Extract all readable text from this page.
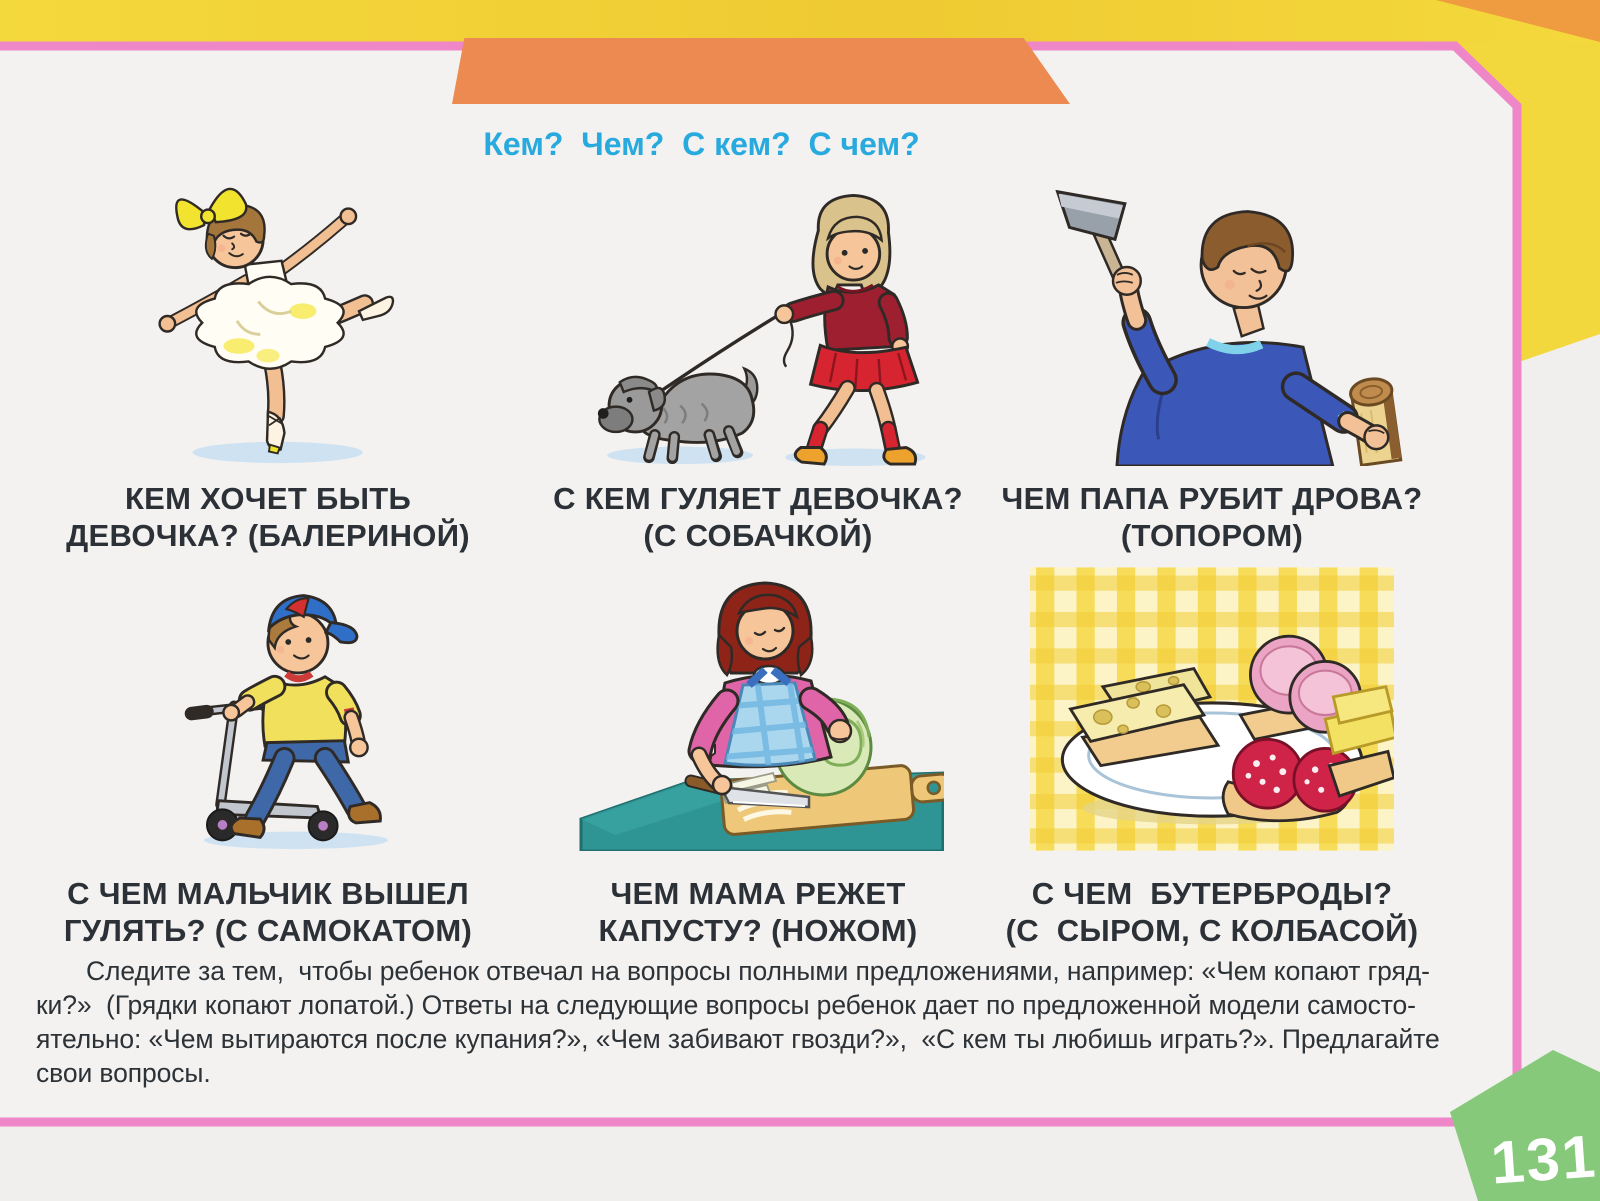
131

Кем?  Чем?  С кем?  С чем?
КЕМ ХОЧЕТ БЫТЬ
ДЕВОЧКА? (БАЛЕРИНОЙ)
С КЕМ ГУЛЯЕТ ДЕВОЧКА?
(С СОБАЧКОЙ)
ЧЕМ ПАПА РУБИТ ДРОВА?
(ТОПОРОМ)
С ЧЕМ МАЛЬЧИК ВЫШЕЛ
ГУЛЯТЬ? (С САМОКАТОМ)
ЧЕМ МАМА РЕЖЕТ
КАПУСТУ? (НОЖОМ)
С ЧЕМ  БУТЕРБРОДЫ?
(С  СЫРОМ, С КОЛБАСОЙ)
Следите за тем,  чтобы ребенок отвечал на вопросы полными предложениями, например: «Чем копают гряд-
ки?»  (Грядки копают лопатой.) Ответы на следующие вопросы ребенок дает по предложенной модели самосто-
ятельно: «Чем вытираются после купания?», «Чем забивают гвозди?»,  «С кем ты любишь играть?». Предлагайте
свои вопросы.
